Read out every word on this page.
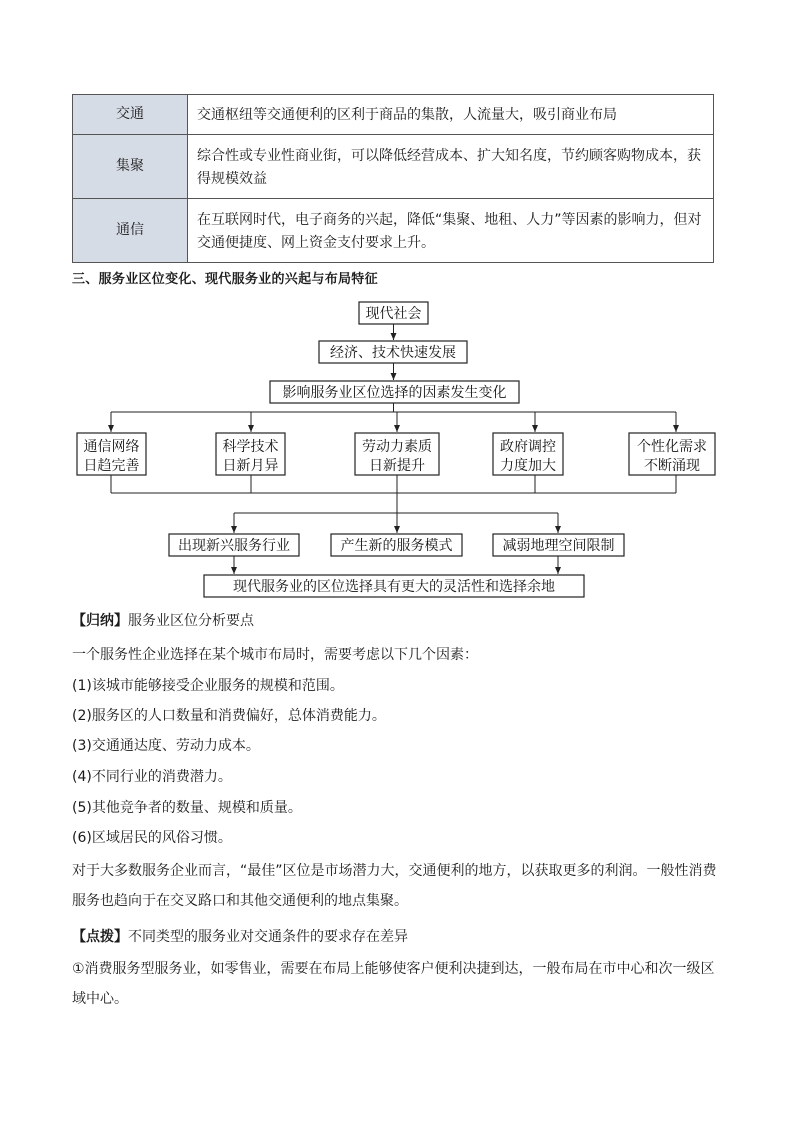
交通	交通枢纽等交通便利的区利于商品的集散，人流量大，吸引商业布局
集聚	综合性或专业性商业街，可以降低经营成本、扩大知名度，节约顾客购物成本，获得规模效益
通信	在互联网时代，电子商务的兴起，降低“集聚、地租、人力”等因素的影响力，但对交通便捷度、网上资金支付要求上升。
三、服务业区位变化、现代服务业的兴起与布局特征
现代社会
经济、技术快速发展
影响服务业区位选择的因素发生变化
通信网络
日趋完善
科学技术
日新月异
劳动力素质
日新提升
政府调控
力度加大
个性化需求
不断涌现
出现新兴服务行业	产生新的服务模式	减弱地理空间限制
现代服务业的区位选择具有更大的灵活性和选择余地
【归纳】服务业区位分析要点
一个服务性企业选择在某个城市布局时，需要考虑以下几个因素：
(1)该城市能够接受企业服务的规模和范围。
(2)服务区的人口数量和消费偏好，总体消费能力。
(3)交通通达度、劳动力成本。
(4)不同行业的消费潜力。
(5)其他竞争者的数量、规模和质量。
(6)区域居民的风俗习惯。
对于大多数服务企业而言，“最佳”区位是市场潜力大，交通便利的地方，以获取更多的利润。一般性消费服务也趋向于在交叉路口和其他交通便利的地点集聚。
【点拨】不同类型的服务业对交通条件的要求存在差异
①消费服务型服务业，如零售业，需要在布局上能够使客户便利决捷到达，一般布局在市中心和次一级区域中心。
